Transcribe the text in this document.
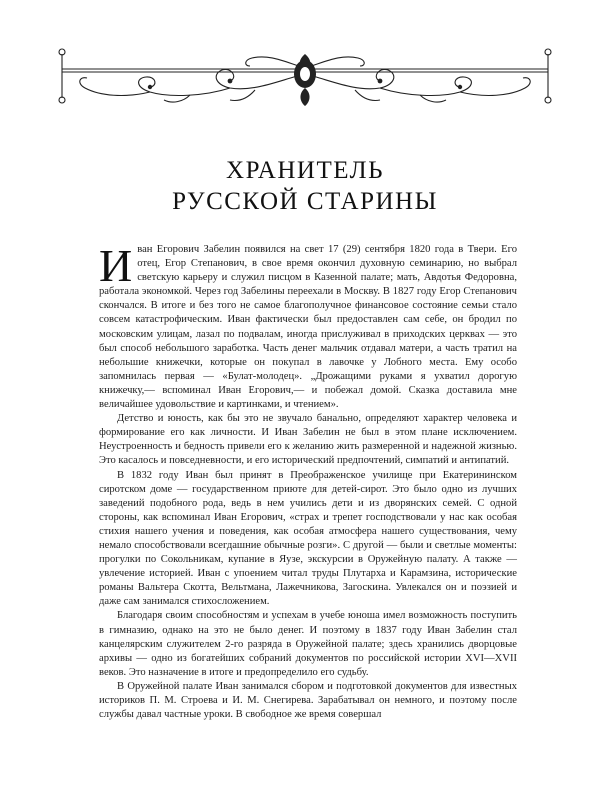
ХРАНИТЕЛЬ
РУССКОЙ СТАРИНЫ

Иван Егорович Забелин появился на свет 17 (29) сентября 1820 года в Твери. Его отец, Егор Степанович, в свое время окончил духовную семинарию, но выбрал светскую карьеру и служил писцом в Казенной палате; мать, Авдотья Федоровна, работала экономкой. Через год Забелины переехали в Москву. В 1827 году Егор Степанович скончался. В итоге и без того не самое благополучное финансовое состояние семьи стало совсем катастрофическим. Иван фактически был предоставлен сам себе, он бродил по московским улицам, лазал по подвалам, иногда прислуживал в приходских церквах — это был способ небольшого заработка. Часть денег мальчик отдавал матери, а часть тратил на небольшие книжечки, которые он покупал в лавочке у Лобного места. Ему особо запомнилась первая — «Булат-молодец». „Дрожащими руками я ухватил дорогую книжечку,— вспоминал Иван Егорович,— и побежал домой. Сказка доставила мне величайшее удовольствие и картинками, и чтением».

Детство и юность, как бы это не звучало банально, определяют характер человека и формирование его как личности. И Иван Забелин не был в этом плане исключением. Неустроенность и бедность привели его к желанию жить размеренной и надежной жизнью. Это касалось и повседневности, и его исторический предпочтений, симпатий и антипатий.

В 1832 году Иван был принят в Преображенское училище при Екатерининском сиротском доме — государственном приюте для детей-сирот. Это было одно из лучших заведений подобного рода, ведь в нем учились дети и из дворянских семей. С одной стороны, как вспоминал Иван Егорович, «страх и трепет господствовали у нас как особая стихия нашего учения и поведения, как особая атмосфера нашего существования, чему немало способствовали всегдашние обычные розги». С другой — были и светлые моменты: прогулки по Сокольникам, купание в Яузе, экскурсии в Оружейную палату. А также — увлечение историей. Иван с упоением читал труды Плутарха и Карамзина, исторические романы Вальтера Скотта, Вельтмана, Лажечникова, Загоскина. Увлекался он и поэзией и даже сам занимался стихосложением.

Благодаря своим способностям и успехам в учебе юноша имел возможность поступить в гимназию, однако на это не было денег. И поэтому в 1837 году Иван Забелин стал канцелярским служителем 2-го разряда в Оружейной палате; здесь хранились дворцовые архивы — одно из богатейших собраний документов по российской истории XVI—XVII веков. Это назначение в итоге и предопределило его судьбу.

В Оружейной палате Иван занимался сбором и подготовкой документов для известных историков П. М. Строева и И. М. Снегирева. Зарабатывал он немного, и поэтому после службы давал частные уроки. В свободное же время совершал
